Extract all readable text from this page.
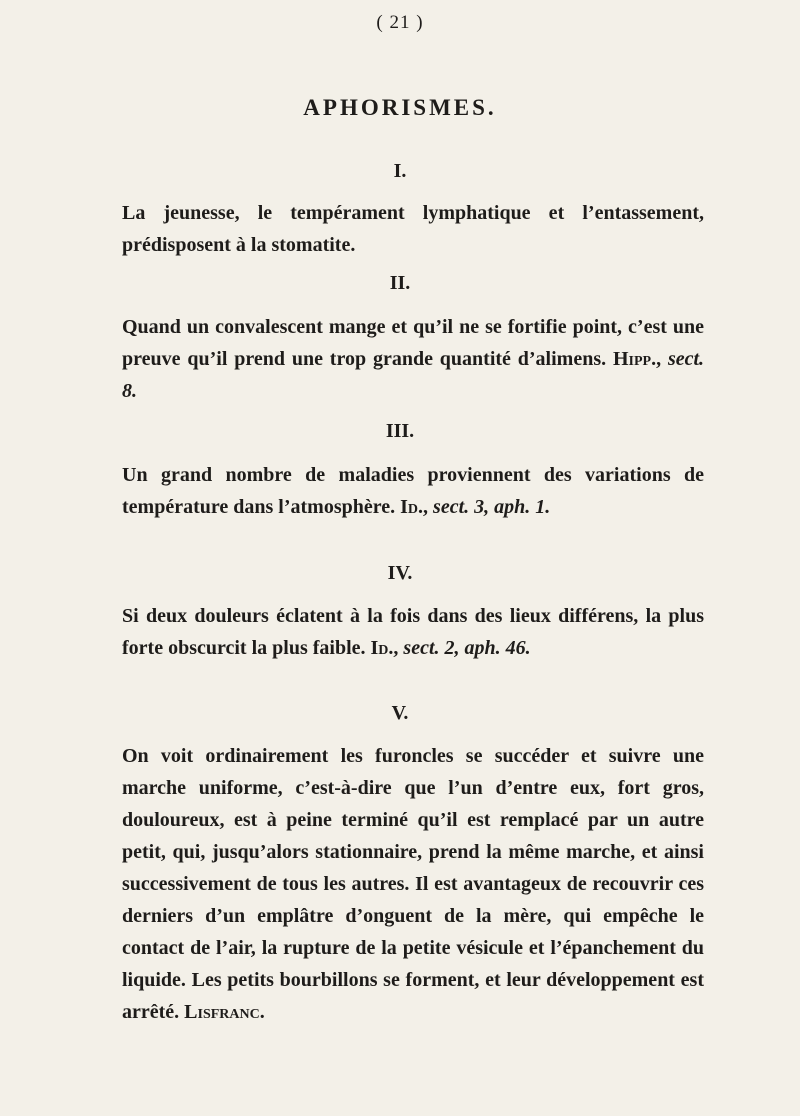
( 21 )
APHORISMES.
I.
La jeunesse, le tempérament lymphatique et l’entassement, prédisposent à la stomatite.
II.
Quand un convalescent mange et qu’il ne se fortifie point, c’est une preuve qu’il prend une trop grande quantité d’alimens. Hipp., sect. 8.
III.
Un grand nombre de maladies proviennent des variations de température dans l’atmosphère. Id., sect. 3, aph. 1.
IV.
Si deux douleurs éclatent à la fois dans des lieux différens, la plus forte obscurcit la plus faible. Id., sect. 2, aph. 46.
V.
On voit ordinairement les furoncles se succéder et suivre une marche uniforme, c’est-à-dire que l’un d’entre eux, fort gros, douloureux, est à peine terminé qu’il est remplacé par un autre petit, qui, jusqu’alors stationnaire, prend la même marche, et ainsi successivement de tous les autres. Il est avantageux de recouvrir ces derniers d’un emplâtre d’onguent de la mère, qui empêche le contact de l’air, la rupture de la petite vésicule et l’épanchement du liquide. Les petits bourbillons se forment, et leur développement est arrêté. Lisfranc.
